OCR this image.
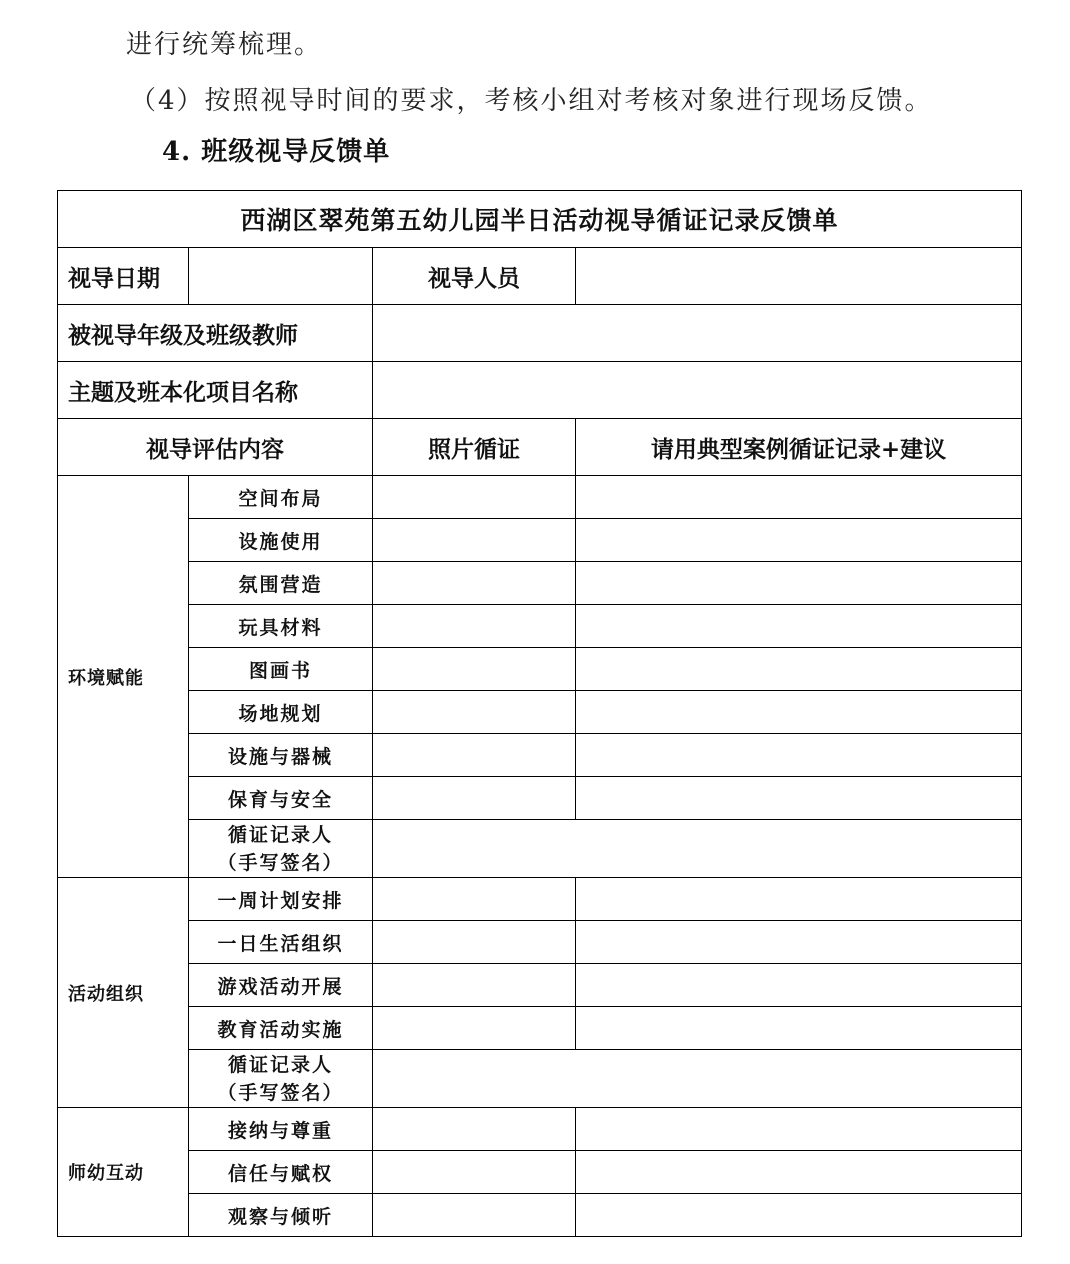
进行统筹梳理。
（4）按照视导时间的要求，考核小组对考核对象进行现场反馈。
4. 班级视导反馈单
西湖区翠苑第五幼儿园半日活动视导循证记录反馈单			
视导日期		视导人员	
被视导年级及班级教师			
主题及班本化项目名称			
视导评估内容		照片循证	请用典型案例循证记录+建议
环境赋能	空间布局		
	设施使用		
	氛围营造		
	玩具材料		
	图画书		
	场地规划		
	设施与器械		
	保育与安全		

	循证记录人
（手写签名）		

活动组织	一周计划安排		
	一日生活组织		
	游戏活动开展		
	教育活动实施		

	循证记录人
（手写签名）		

师幼互动	接纳与尊重		
	信任与赋权		
	观察与倾听		
